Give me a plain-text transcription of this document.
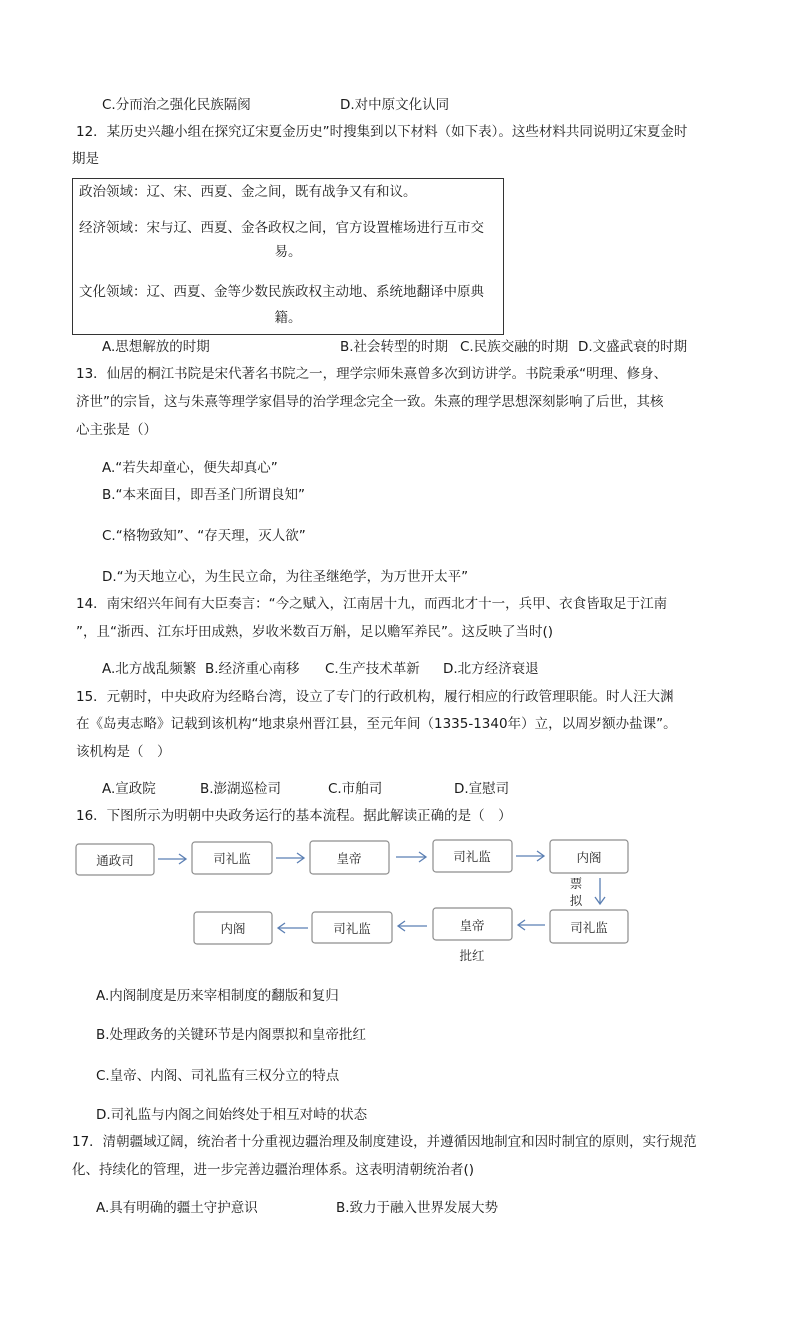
C.分而治之强化民族隔阂	D.对中原文化认同
12．某历史兴趣小组在探究辽宋夏金历史”时搜集到以下材料（如下表）。这些材料共同说明辽宋夏金时
期是
政治领域：辽、宋、西夏、金之间，既有战争又有和议。
经济领域：宋与辽、西夏、金各政权之间，官方设置榷场进行互市交
易。
文化领域：辽、西夏、金等少数民族政权主动地、系统地翻译中原典
籍。
A.思想解放的时期	B.社会转型的时期 C.民族交融的时期 D.文盛武衰的时期
13．仙居的桐江书院是宋代著名书院之一，理学宗师朱熹曾多次到访讲学。书院秉承“明理、修身、
济世”的宗旨，这与朱熹等理学家倡导的治学理念完全一致。朱熹的理学思想深刻影响了后世，其核
心主张是（）
A.“若失却童心，便失却真心”
B.“本来面目，即吾圣门所谓良知”
C.“格物致知”、“存天理，灭人欲”
D.“为天地立心，为生民立命，为往圣继绝学，为万世开太平”
14．南宋绍兴年间有大臣奏言：“今之赋入，江南居十九，而西北才十一，兵甲、衣食皆取足于江南
”，且“浙西、江东圩田成熟，岁收米数百万斛，足以赡军养民”。这反映了当时()
A.北方战乱频繁 B.经济重心南移 C.生产技术革新 D.北方经济衰退
15．元朝时，中央政府为经略台湾，设立了专门的行政机构，履行相应的行政管理职能。时人汪大渊
在《岛夷志略》记载到该机构“地隶泉州晋江县，至元年间（1335-1340年）立，以周岁额办盐课”。
该机构是（　）
A.宣政院	B.澎湖巡检司	C.市舶司	D.宣慰司
16．下图所示为明朝中央政务运行的基本流程。据此解读正确的是（　）
通政司	司礼监	皇帝	司礼监	内阁
票
拟
内阁	司礼监	皇帝	司礼监
批红
A.内阁制度是历来宰相制度的翻版和复归
B.处理政务的关键环节是内阁票拟和皇帝批红
C.皇帝、内阁、司礼监有三权分立的特点
D.司礼监与内阁之间始终处于相互对峙的状态
17．清朝疆域辽阔，统治者十分重视边疆治理及制度建设，并遵循因地制宜和因时制宜的原则，实行规范
化、持续化的管理，进一步完善边疆治理体系。这表明清朝统治者()
A.具有明确的疆土守护意识	B.致力于融入世界发展大势
